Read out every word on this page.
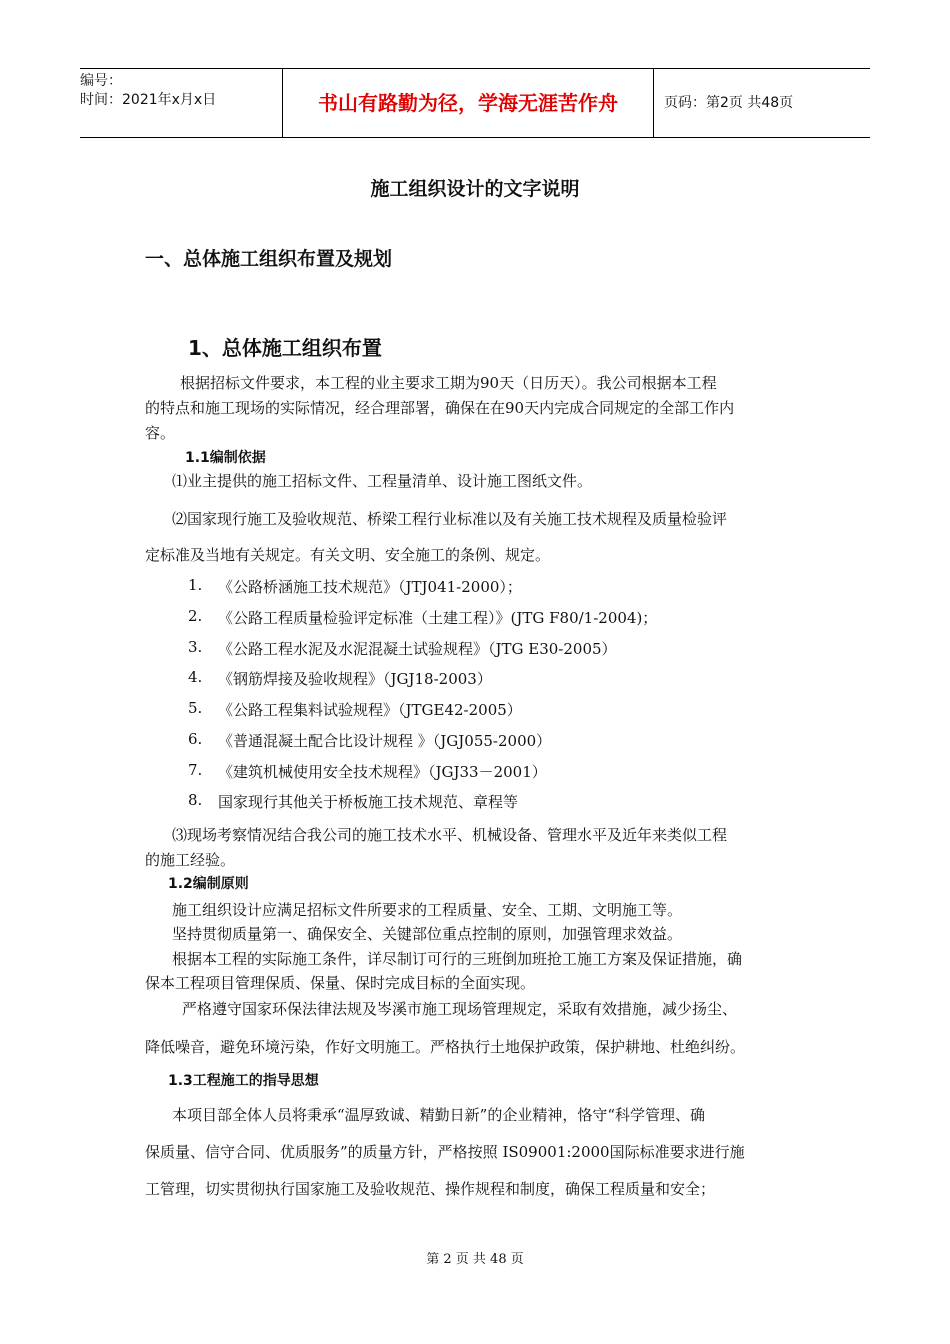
编号：
时间：2021年x月x日	书山有路勤为径，学海无涯苦作舟	页码：第2页 共48页
施工组织设计的文字说明
一、总体施工组织布置及规划
1、总体施工组织布置
根据招标文件要求，本工程的业主要求工期为90天（日历天）。我公司根据本工程
的特点和施工现场的实际情况，经合理部署，确保在在90天内完成合同规定的全部工作内
容。
1.1编制依据
⑴业主提供的施工招标文件、工程量清单、设计施工图纸文件。
⑵国家现行施工及验收规范、桥梁工程行业标准以及有关施工技术规程及质量检验评
定标准及当地有关规定。有关文明、安全施工的条例、规定。
1. 《公路桥涵施工技术规范》（JTJ041-2000）；
2. 《公路工程质量检验评定标准（土建工程）》(JTG F80/1-2004)；
3. 《公路工程水泥及水泥混凝土试验规程》（JTG E30-2005）
4. 《钢筋焊接及验收规程》（JGJ18-2003）
5. 《公路工程集料试验规程》（JTGE42-2005）
6. 《普通混凝土配合比设计规程 》（JGJ055-2000）
7. 《建筑机械使用安全技术规程》（JGJ33－2001）
8. 国家现行其他关于桥板施工技术规范、章程等
⑶现场考察情况结合我公司的施工技术水平、机械设备、管理水平及近年来类似工程
的施工经验。
1.2编制原则
施工组织设计应满足招标文件所要求的工程质量、安全、工期、文明施工等。
坚持贯彻质量第一、确保安全、关键部位重点控制的原则，加强管理求效益。
根据本工程的实际施工条件，详尽制订可行的三班倒加班抢工施工方案及保证措施，确
保本工程项目管理保质、保量、保时完成目标的全面实现。
严格遵守国家环保法律法规及岑溪市施工现场管理规定，采取有效措施，减少扬尘、
降低噪音，避免环境污染，作好文明施工。严格执行土地保护政策，保护耕地、杜绝纠纷。
1.3工程施工的指导思想
本项目部全体人员将秉承“温厚致诚、精勤日新”的企业精神，恪守“科学管理、确
保质量、信守合同、优质服务”的质量方针，严格按照 IS09001:2000国际标准要求进行施
工管理，切实贯彻执行国家施工及验收规范、操作规程和制度，确保工程质量和安全；
第 2 页 共 48 页
